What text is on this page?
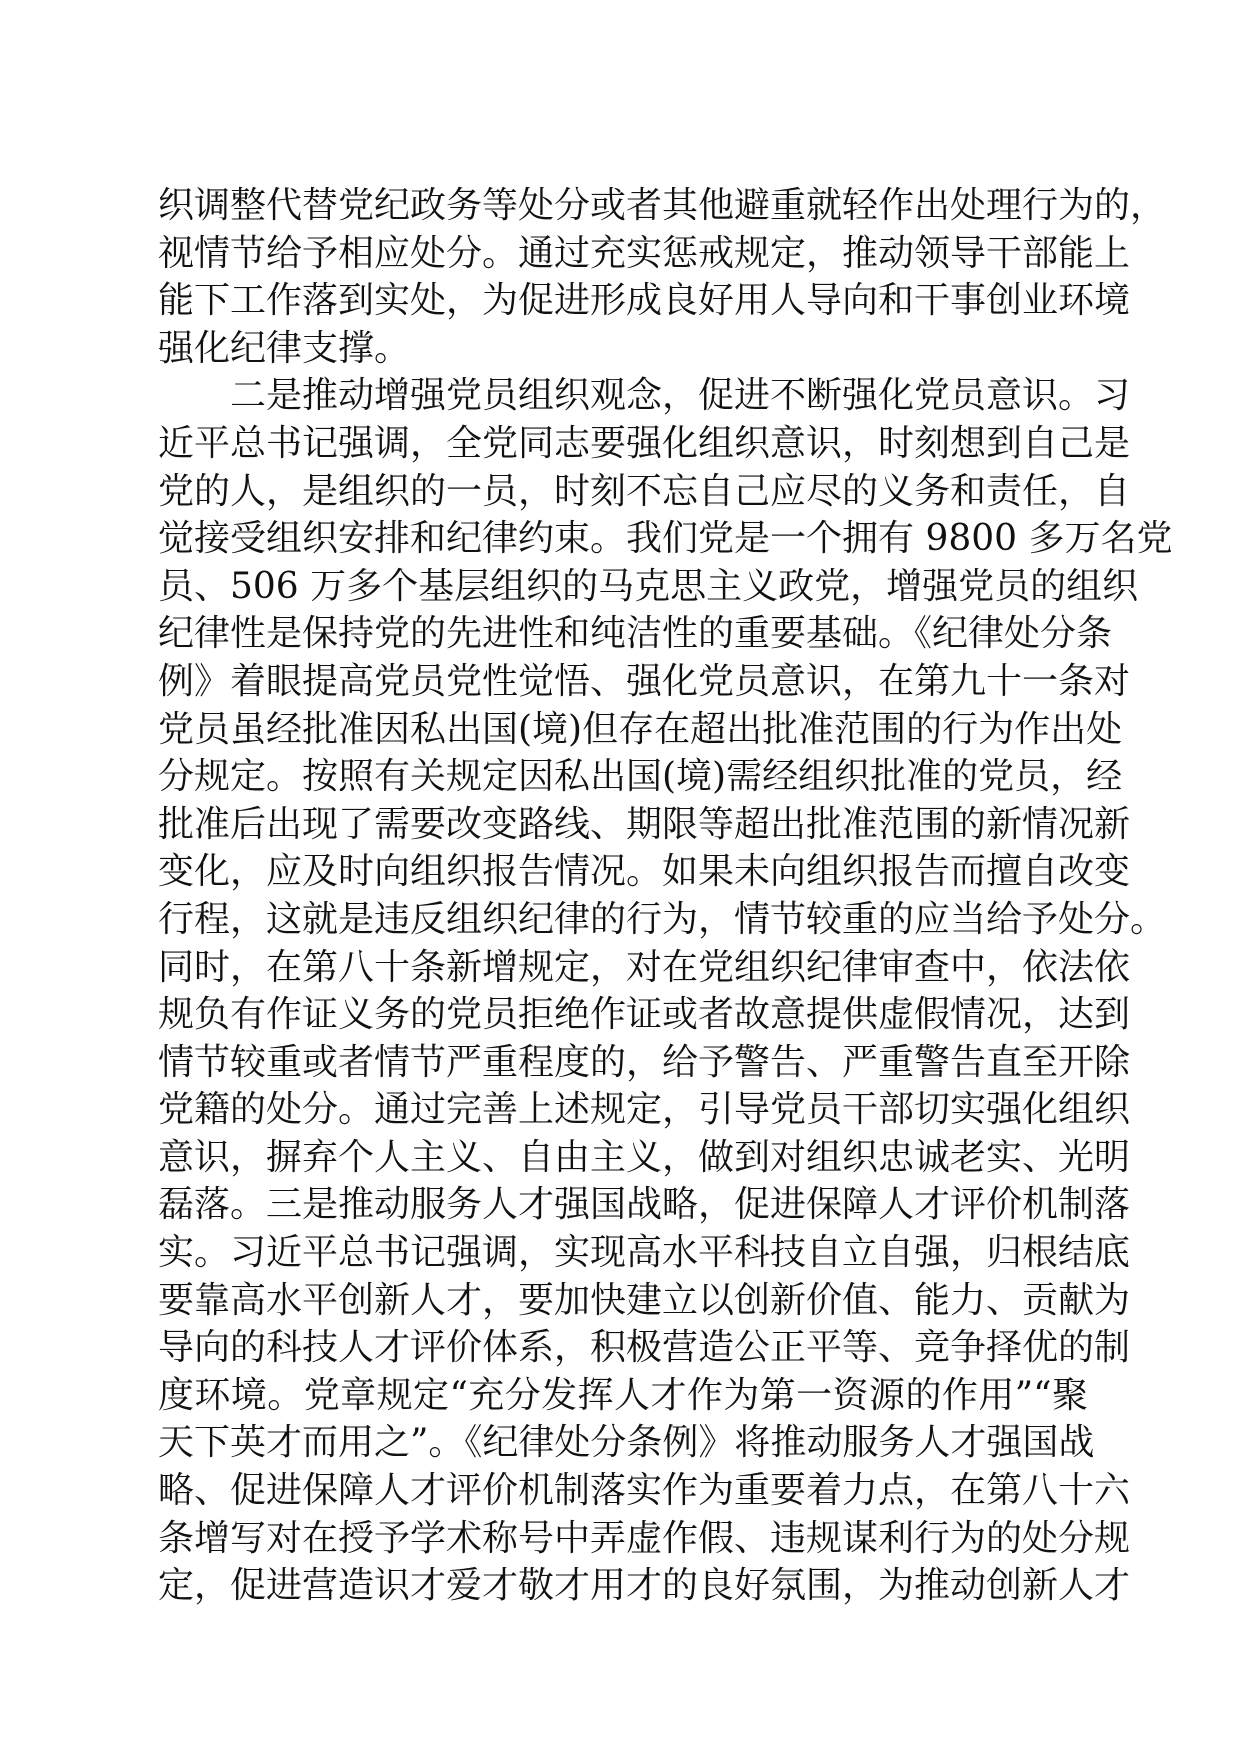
织调整代替党纪政务等处分或者其他避重就轻作出处理行为的，
视情节给予相应处分。通过充实惩戒规定，推动领导干部能上
能下工作落到实处，为促进形成良好用人导向和干事创业环境
强化纪律支撑。
二是推动增强党员组织观念，促进不断强化党员意识。习
近平总书记强调，全党同志要强化组织意识，时刻想到自己是
党的人，是组织的一员，时刻不忘自己应尽的义务和责任，自
觉接受组织安排和纪律约束。我们党是一个拥有 9800 多万名党
员、506 万多个基层组织的马克思主义政党，增强党员的组织
纪律性是保持党的先进性和纯洁性的重要基础。《纪律处分条
例》着眼提高党员党性觉悟、强化党员意识，在第九十一条对
党员虽经批准因私出国(境)但存在超出批准范围的行为作出处
分规定。按照有关规定因私出国(境)需经组织批准的党员，经
批准后出现了需要改变路线、期限等超出批准范围的新情况新
变化，应及时向组织报告情况。如果未向组织报告而擅自改变
行程，这就是违反组织纪律的行为，情节较重的应当给予处分。
同时，在第八十条新增规定，对在党组织纪律审查中，依法依
规负有作证义务的党员拒绝作证或者故意提供虚假情况，达到
情节较重或者情节严重程度的，给予警告、严重警告直至开除
党籍的处分。通过完善上述规定，引导党员干部切实强化组织
意识，摒弃个人主义、自由主义，做到对组织忠诚老实、光明
磊落。三是推动服务人才强国战略，促进保障人才评价机制落
实。习近平总书记强调，实现高水平科技自立自强，归根结底
要靠高水平创新人才，要加快建立以创新价值、能力、贡献为
导向的科技人才评价体系，积极营造公正平等、竞争择优的制
度环境。党章规定“充分发挥人才作为第一资源的作用”“聚
天下英才而用之”。《纪律处分条例》将推动服务人才强国战
略、促进保障人才评价机制落实作为重要着力点，在第八十六
条增写对在授予学术称号中弄虚作假、违规谋利行为的处分规
定，促进营造识才爱才敬才用才的良好氛围，为推动创新人才
